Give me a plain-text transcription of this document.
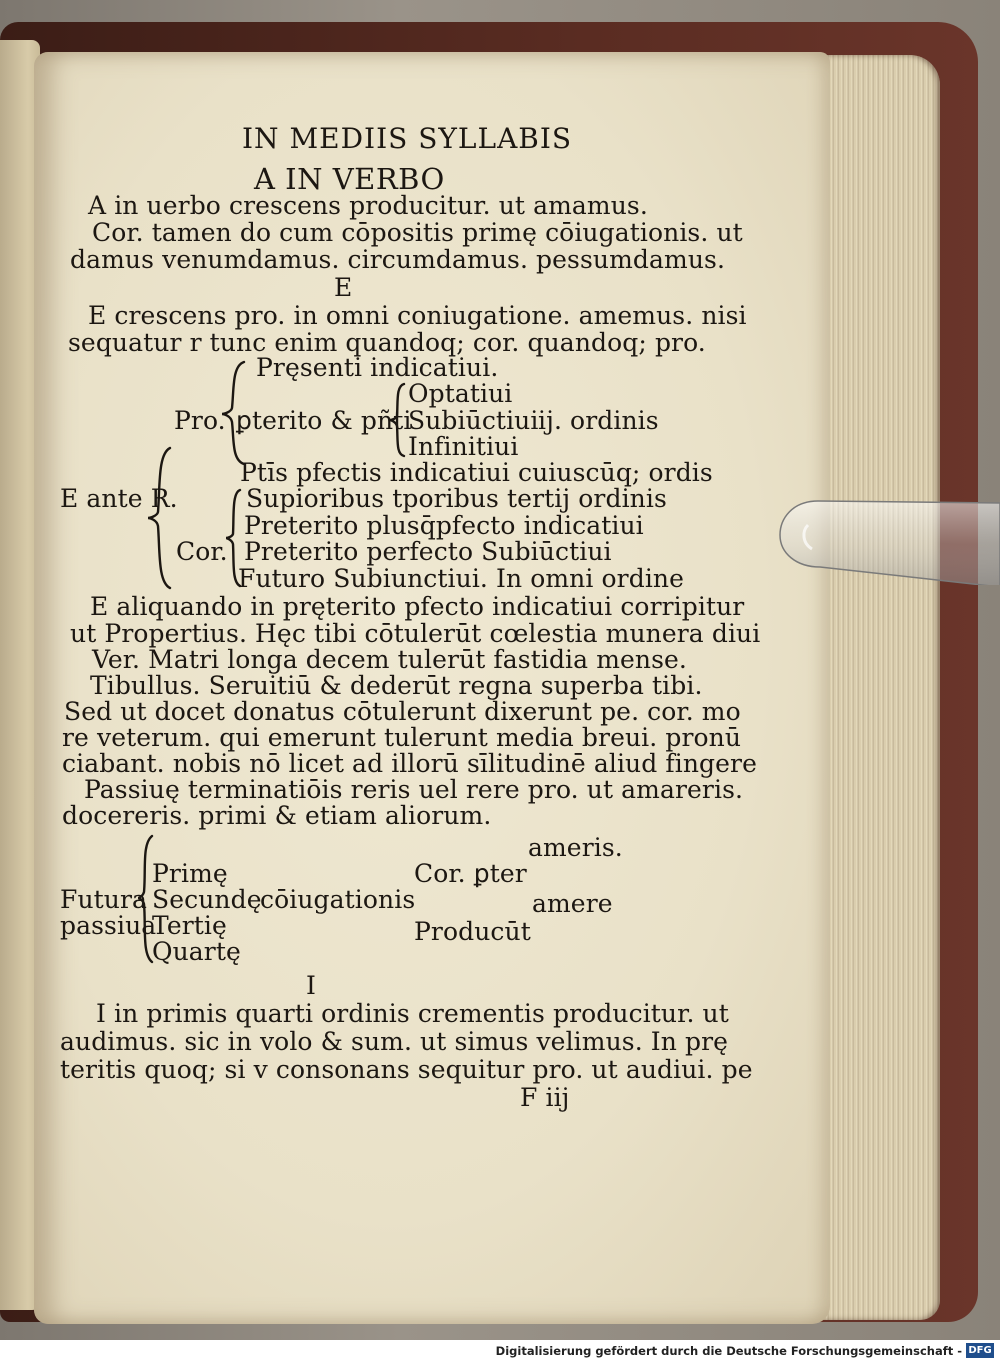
IN MEDIIS SYLLABIS
A IN VERBO
A in uerbo crescens producitur. ut amamus.
Cor. tamen do cum cōpositis primę cōiugationis. ut
damus venumdamus. circumdamus. pessumdamus.
E
E crescens pro. in omni coniugatione. amemus. nisi
sequatur r tunc enim quandoq; cor. quandoq; pro.
Pręsenti indicatiui.
Optatiui
Pro. ꝑterito & pñti
Subiūctiui ij. ordinis
Infinitiui
Ptīs pfectis indicatiui cuiuscūq; ordis
E ante R.	Supioribus tporibus tertij ordinis
Preterito plusq̄pfecto indicatiui
Cor. Preterito perfecto Subiūctiui
Futuro Subiunctiui. In omni ordine
E aliquando in pręterito pfecto indicatiui corripitur
ut Propertius. Hęc tibi cōtulerūt cœlestia munera diui
Ver. Matri longa decem tulerūt fastidia mense.
Tibullus. Seruitiū & dederūt regna superba tibi.
Sed ut docet donatus cōtulerunt dixerunt pe. cor. mo
re veterum. qui emerunt tulerunt media breui. pronū
ciabant. nobis nō licet ad illorū sīlitudinē aliud fingere
Passiuę terminatiōis reris uel rere pro. ut amareris.
docereris. primi & etiam aliorum.
ameris.
Primę	Cor. ꝑter
Futura Secundę
cōiugationis	amere
passiua
Tertię	Producūt
Quartę
I
I in primis quarti ordinis crementis producitur. ut
audimus. sic in volo & sum. ut simus velimus. In prę
teritis quoq; si v consonans sequitur pro. ut audiui. pe
F iij
Digitalisierung gefördert durch die Deutsche Forschungsgemeinschaft - DFG
